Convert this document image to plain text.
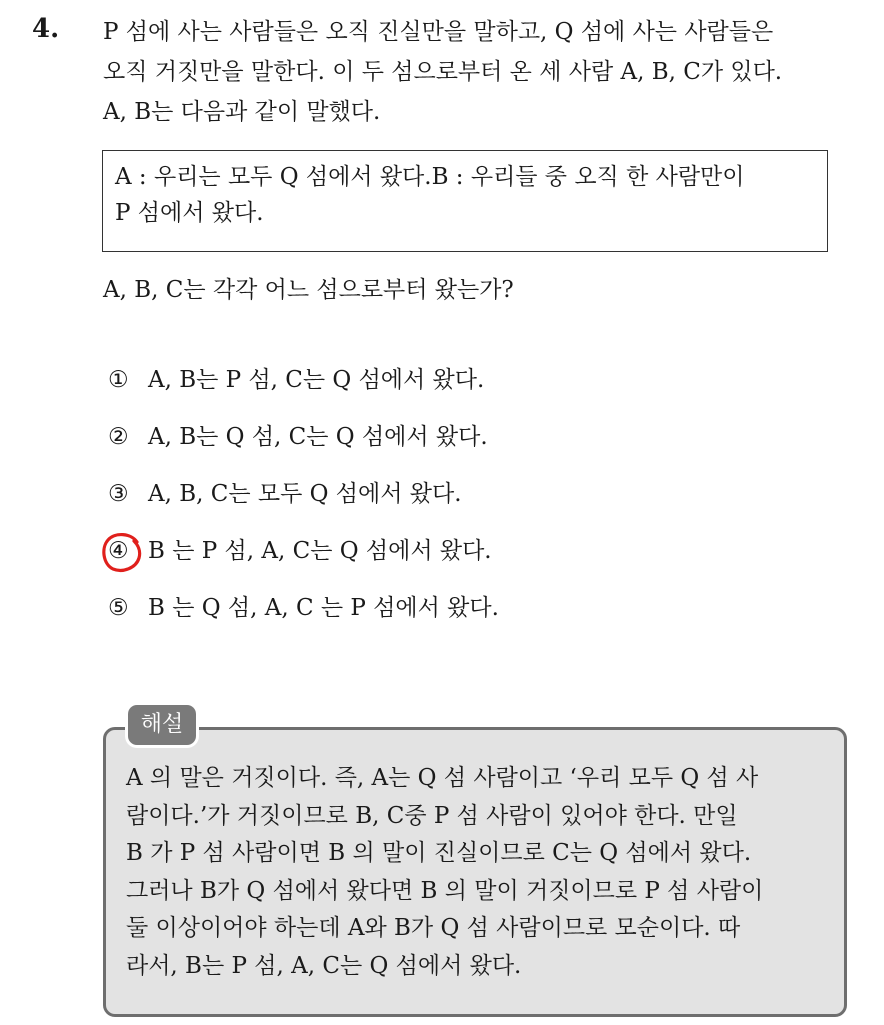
4. P 섬에 사는 사람들은 오직 진실만을 말하고, Q 섬에 사는 사람들은

오직 거짓만을 말한다. 이 두 섬으로부터 온 세 사람 A, B, C가 있다.

A, B는 다음과 같이 말했다.

A : 우리는 모두 Q 섬에서 왔다.B : 우리들 중 오직 한 사람만이
P 섬에서 왔다.
A, B, C는 각각 어느 섬으로부터 왔는가?
① A, B는 P 섬, C는 Q 섬에서 왔다.
② A, B는 Q 섬, C는 Q 섬에서 왔다.
③ A, B, C는 모두 Q 섬에서 왔다.
④ B 는 P 섬, A, C는 Q 섬에서 왔다.
⑤ B 는 Q 섬, A, C 는 P 섬에서 왔다.

A 의 말은 거짓이다. 즉, A는 Q 섬 사람이고 ‘우리 모두 Q 섬 사

람이다.’가 거짓이므로 B, C중 P 섬 사람이 있어야 한다. 만일

B 가 P 섬 사람이면 B 의 말이 진실이므로 C는 Q 섬에서 왔다.

그러나 B가 Q 섬에서 왔다면 B 의 말이 거짓이므로 P 섬 사람이

둘 이상이어야 하는데 A와 B가 Q 섬 사람이므로 모순이다. 따

라서, B는 P 섬, A, C는 Q 섬에서 왔다.

해설
